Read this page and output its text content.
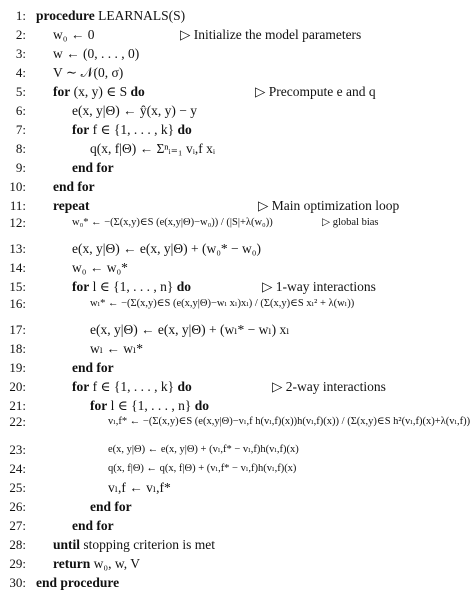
1: procedure LEARNALS(S)
2: w₀ ← 0	▷ Initialize the model parameters
3: w ← (0, . . . , 0)
4: V ∼ 𝒩(0, σ)
5: for (x, y) ∈ S do	▷ Precompute e and q
6:	e(x, y|Θ) ← ŷ(x, y) − y
7:	for f ∈ {1, . . . , k} do
8:	q(x, f|Θ) ← Σⁿᵢ₌₁ vᵢ,f xᵢ
9:	end for
10: end for
11: repeat	▷ Main optimization loop
12:	w₀* ← −(Σ(x,y)∈S (e(x,y|Θ)−w₀)) / (|S|+λ(w₀))	▷ global bias
13:	e(x, y|Θ) ← e(x, y|Θ) + (w₀* − w₀)
14:	w₀ ← w₀*
15:	for l ∈ {1, . . . , n} do	▷ 1-way interactions
16:	wₗ* ← −(Σ(x,y)∈S (e(x,y|Θ)−wₗ xₗ)xₗ) / (Σ(x,y)∈S xₗ² + λ(wₗ))
17:	e(x, y|Θ) ← e(x, y|Θ) + (wₗ* − wₗ) xₗ
18:	wₗ ← wₗ*
19:	end for
20:	for f ∈ {1, . . . , k} do	▷ 2-way interactions
21:	for l ∈ {1, . . . , n} do
22:	vₗ,f* ← −(Σ(x,y)∈S (e(x,y|Θ)−vₗ,f h(vₗ,f)(x))h(vₗ,f)(x)) / (Σ(x,y)∈S h²(vₗ,f)(x)+λ(vₗ,f))
23:	e(x, y|Θ) ← e(x, y|Θ) + (vₗ,f* − vₗ,f)h(vₗ,f)(x)
24:	q(x, f|Θ) ← q(x, f|Θ) + (vₗ,f* − vₗ,f)h(vₗ,f)(x)
25:	vₗ,f ← vₗ,f*
26:	end for
27:	end for
28: until stopping criterion is met
29: return w₀, w, V
30: end procedure
